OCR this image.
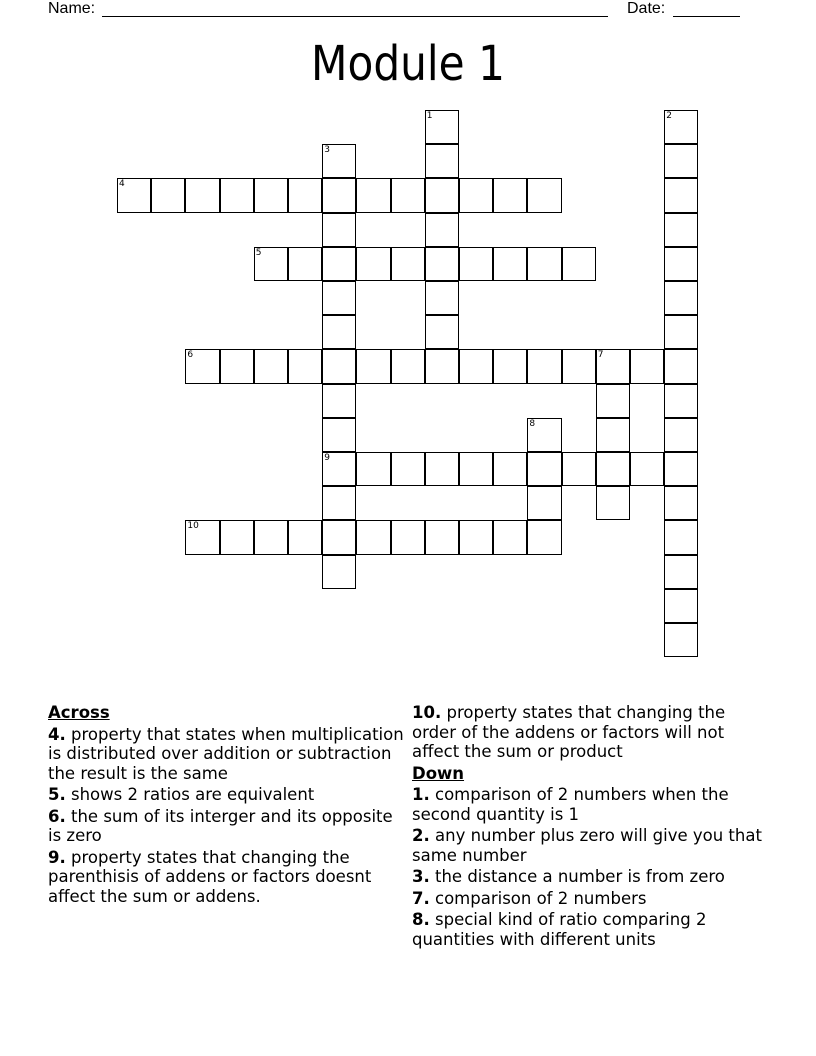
Name:	Date:
Module 1
1	2
3
4
5
6	7
8
9
10
Across
4. property that states when multiplication is distributed over addition or subtraction the result is the same
5. shows 2 ratios are equivalent
6. the sum of its interger and its opposite is zero
9. property states that changing the parenthisis of addens or factors doesnt affect the sum or addens.
10. property states that changing the order of the addens or factors will not affect the sum or product
Down
1. comparison of 2 numbers when the second quantity is 1
2. any number plus zero will give you that same number
3. the distance a number is from zero
7. comparison of 2 numbers
8. special kind of ratio comparing 2 quantities with different units
